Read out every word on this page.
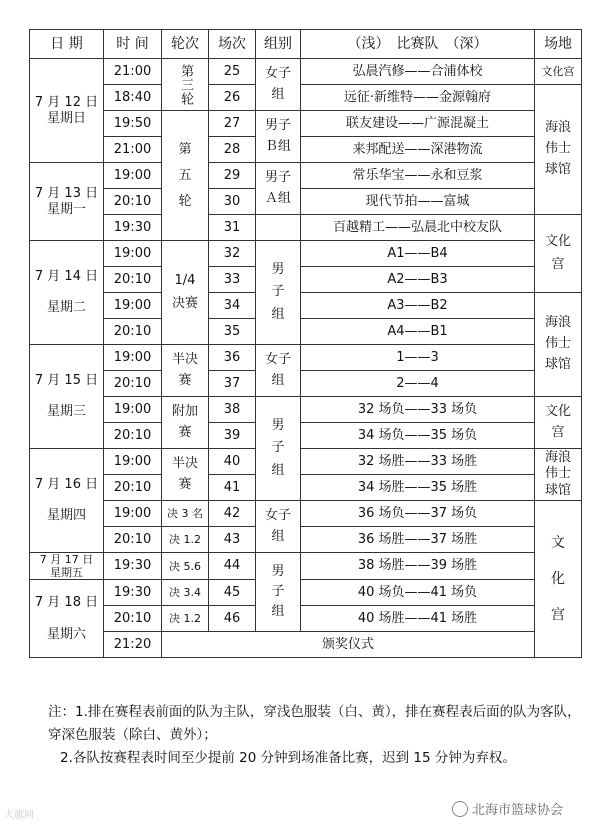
日 期	时 间	轮次	场次	组别	（浅）　比赛队　（深）	场地
7 月 12 日
星期日	21:00	第三轮	25	女子组	弘晨汽修——合浦体校	文化宫
	18:40		26		远征·新维特——金源翰府	海浪伟士球馆
	19:50	第五轮	27	男子Ｂ组	联友建设——广源混凝土	
	21:00		28		来邦配送——深港物流	
7 月 13 日
星期一	19:00		29	男子Ａ组	常乐华宝——永和豆浆	
	20:10		30		现代节拍——富城	
	19:30		31		百越精工——弘晨北中校友队	文化宫
7 月 14 日

星期二	19:00	1/4 决赛	32	男子组	A1——B4	
	20:10		33		A2——B3	
	19:00		34		A3——B2	海浪伟士球馆
	20:10		35		A4——B1	
7 月 15 日

星期三	19:00	半决赛	36	女子组	1——3	
	20:10		37		2——4	
	19:00	附加赛	38	男子组	32 场负——33 场负	文化宫
	20:10		39		34 场负——35 场负	
7 月 16 日

星期四	19:00	半决赛	40		32 场胜——33 场胜	海浪伟士球馆
	20:10		41		34 场胜——35 场胜	
	19:00	决 3 名	42	女子组	36 场负——37 场负	文化宫
	20:10	决 1.2	43		36 场胜——37 场胜	
7 月 17 日
星期五	19:30	决 5.6	44	男子组	38 场胜——39 场胜	
7 月 18 日

星期六	19:30	决 3.4	45		40 场负——41 场负	
	20:10	决 1.2	46		40 场胜——41 场胜	
	21:20	颁奖仪式				

注：1.排在赛程表前面的队为主队，穿浅色服装（白、黄），排在赛程表后面的队为客队，穿深色服装（除白、黄外）；

2.各队按赛程表时间至少提前 20 分钟到场准备比赛，迟到 15 分钟为弃权。

大旗网	北海市篮球协会
